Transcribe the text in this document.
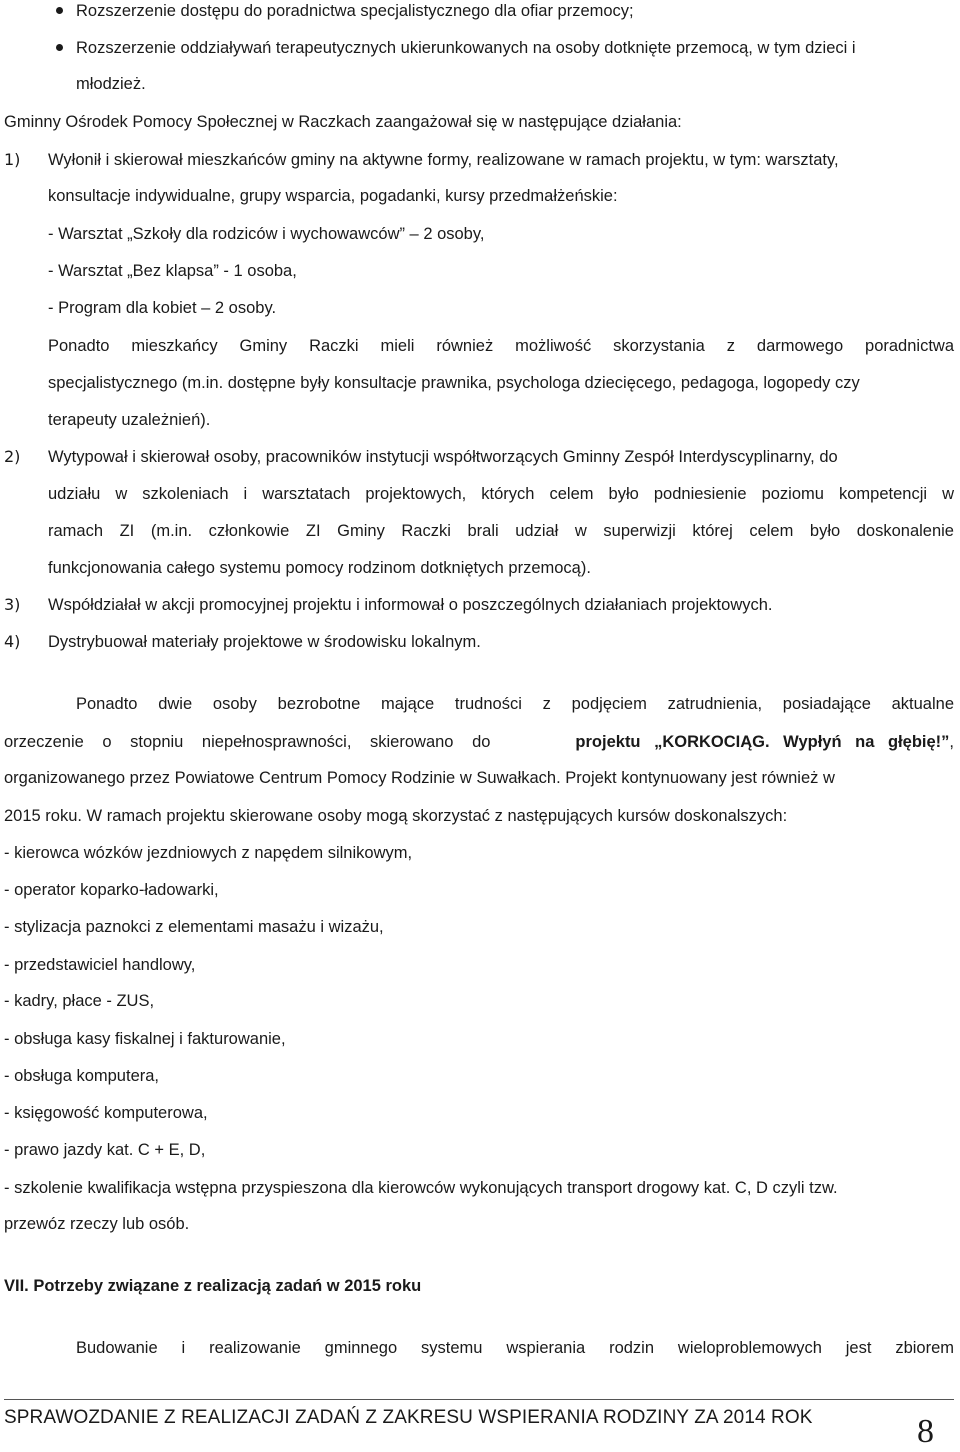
Rozszerzenie dostępu do poradnictwa specjalistycznego dla ofiar przemocy;
Rozszerzenie oddziaływań terapeutycznych ukierunkowanych na osoby dotknięte przemocą, w tym dzieci i
młodzież.
Gminny Ośrodek Pomocy Społecznej w Raczkach zaangażował się w następujące działania:
1) Wyłonił i skierował mieszkańców gminy na aktywne formy, realizowane w ramach projektu, w tym: warsztaty,
konsultacje indywidualne, grupy wsparcia, pogadanki, kursy przedmałżeńskie:
- Warsztat „Szkoły dla rodziców i wychowawców” – 2 osoby,
- Warsztat „Bez klapsa” - 1 osoba,
- Program dla kobiet – 2 osoby.
Ponadto mieszkańcy Gminy Raczki mieli również możliwość skorzystania z darmowego poradnictwa
specjalistycznego (m.in. dostępne były konsultacje prawnika, psychologa dziecięcego, pedagoga, logopedy czy
terapeuty uzależnień).
2) Wytypował i skierował osoby, pracowników instytucji współtworzących Gminny Zespół Interdyscyplinarny, do
udziału w szkoleniach i warsztatach projektowych, których celem było podniesienie poziomu kompetencji w
ramach ZI (m.in. członkowie ZI Gminy Raczki brali udział w superwizji której celem było doskonalenie
funkcjonowania całego systemu pomocy rodzinom dotkniętych przemocą).
3) Współdziałał w akcji promocyjnej projektu i informował o poszczególnych działaniach projektowych.
4) Dystrybuował materiały projektowe w środowisku lokalnym.
Ponadto dwie osoby bezrobotne mające trudności z podjęciem zatrudnienia, posiadające aktualne
orzeczenie o stopniu niepełnosprawności, skierowano do	projektu „KORKOCIĄG. Wypłyń na głębię!”,
organizowanego przez Powiatowe Centrum Pomocy Rodzinie w Suwałkach. Projekt kontynuowany jest również w
2015 roku. W ramach projektu skierowane osoby mogą skorzystać z następujących kursów doskonalszych:
- kierowca wózków jezdniowych z napędem silnikowym,
- operator koparko-ładowarki,
- stylizacja paznokci z elementami masażu i wizażu,
- przedstawiciel handlowy,
- kadry, płace - ZUS,
- obsługa kasy fiskalnej i fakturowanie,
- obsługa komputera,
- księgowość komputerowa,
- prawo jazdy kat. C + E, D,
- szkolenie kwalifikacja wstępna przyspieszona dla kierowców wykonujących transport drogowy kat. C, D czyli tzw.
przewóz rzeczy lub osób.
VII. Potrzeby związane z realizacją zadań w 2015 roku
Budowanie i realizowanie gminnego systemu wspierania rodzin wieloproblemowych jest zbiorem
SPRAWOZDANIE Z REALIZACJI ZADAŃ Z ZAKRESU WSPIERANIA RODZINY ZA 2014 ROK	8
